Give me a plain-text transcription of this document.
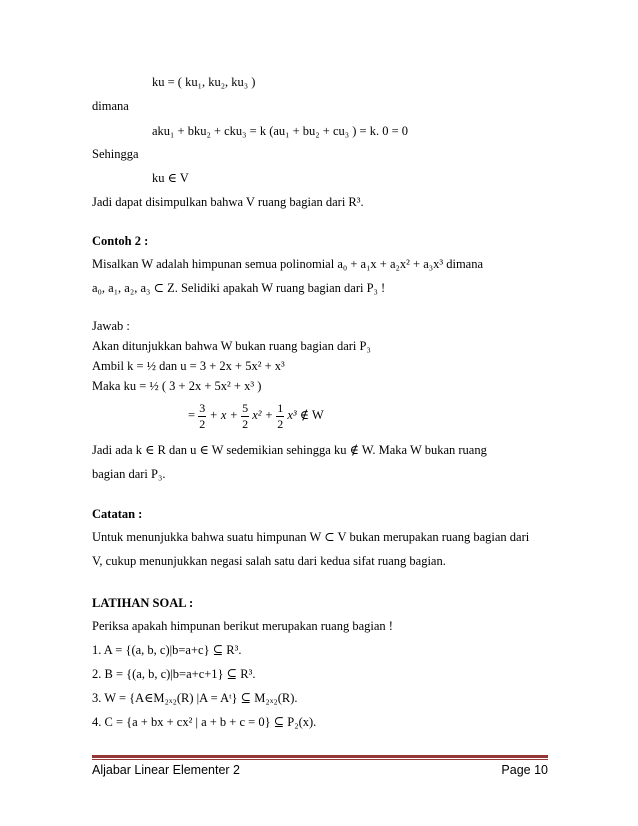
ku = ( ku₁, ku₂, ku₃ )
dimana
aku₁ + bku₂ + cku₃ = k (au₁ + bu₂ + cu₃ ) = k. 0 = 0
Sehingga
ku ∈ V
Jadi dapat disimpulkan bahwa V ruang bagian dari R³.
Contoh 2 :
Misalkan W adalah himpunan semua polinomial a₀ + a₁x + a₂x² + a₃x³ dimana
a₀, a₁, a₂, a₃ ⊂ Z. Selidiki apakah W ruang bagian dari P₃ !
Jawab :
Akan ditunjukkan bahwa W bukan ruang bagian dari P₃
Ambil k = ½ dan u = 3 + 2x + 5x² + x³
Maka ku = ½ ( 3 + 2x + 5x² + x³ )
= $\frac{3}{2} + x + \frac{5}{2} x^2 + \frac{1}{2} x^3$ ∉ W
Jadi ada k ∈ R dan u ∈ W sedemikian sehingga ku ∉ W. Maka W bukan ruang
bagian dari P₃.
Catatan :
Untuk menunjukka bahwa suatu himpunan W ⊂ V bukan merupakan ruang bagian dari
V, cukup menunjukkan negasi salah satu dari kedua sifat ruang bagian.
LATIHAN SOAL :
Periksa apakah himpunan berikut merupakan ruang bagian !
1. A = {(a, b, c)|b=a+c} ⊆ R³.
2. B = {(a, b, c)|b=a+c+1} ⊆ R³.
3. W = {A∈M₂ₓ₂(R) |A = Aᵗ} ⊆ M₂ₓ₂(R).
4. C = {a + bx + cx² | a + b + c = 0} ⊆ P₂(x).
Aljabar Linear Elementer 2	Page 10
